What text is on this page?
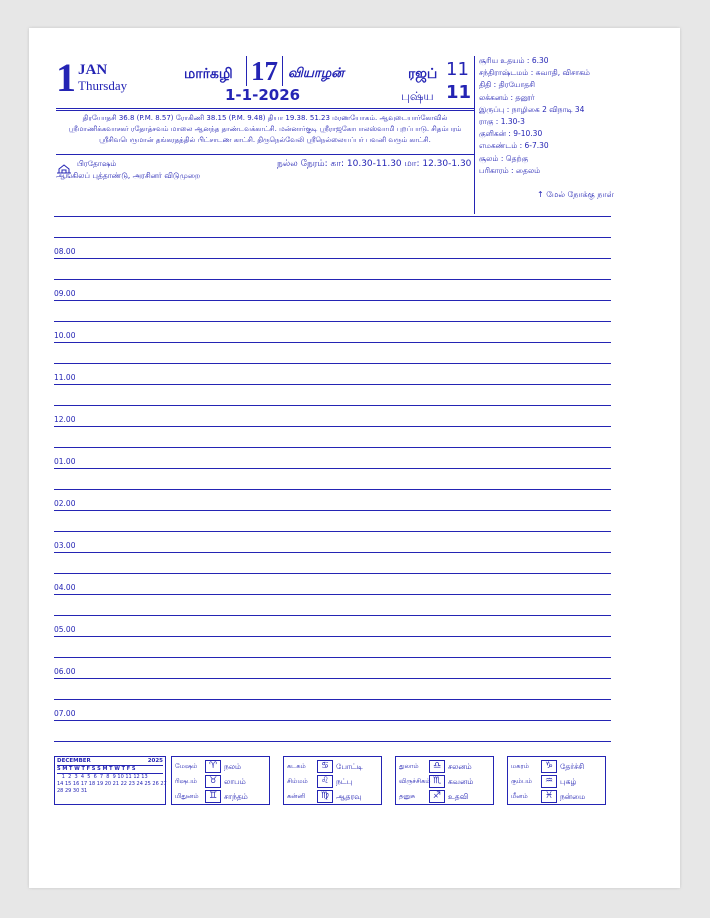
1 JAN
Thursday
மார்கழி 17 வியாழன்
1-1-2026
ரஜப் 11
புஷ்ய 11
திரயோதசி 36.8 (P.M. 8.57) ரோகிணி 38.15 (P.M. 9.48) தியா 19.38. 51.23 மரணயோகம். ஆவுடையார்கோவில்
ஸ்ரீமாணிக்கவாசகர் ரதோத்சவம் மாலை ஆனந்த தாண்டவக்காட்சி. மன்னார்குடி ஸ்ரீராஜகோபாலஸ்வாமி புறப்பாடு. சிதம்பரம்
ஸ்ரீசிவபெருமான் தங்கரதத்தில் பிட்சாடண காட்சி. திருநெல்வேலி ஸ்ரீநெல்லையப்பர் பவனி வரும் காட்சி.
பிரதோஷம்
ஆங்கிலப் புத்தாண்டு, அரசினர் விடுமுறை
நல்ல நேரம்: கா: 10.30-11.30 மா: 12.30-1.30
சூரிய உதயம் : 6.30
சந்திராஷ்டமம் : சுவாதி, விசாகம்
திதி : திரயோதசி
லக்கனம் : தனூர்
இருப்பு : நாழிகை 2 விநாடி 34
ராகு : 1.30-3
குளிகன் : 9-10.30
எமகண்டம் : 6-7.30
சூலம் : தெற்கு
பரிகாரம் : தைலம்
↑ மேல் நோக்கு நாள்
08.00
09.00
10.00
11.00
12.00
01.00
02.00
03.00
04.00
05.00
06.00
07.00
DECEMBER	2025
S M T W T F S S M T W T F S
1  2  3  4  5  6  7  8  9 10 11 12 13
14 15 16 17 18 19 20 21 22 23 24 25 26 27
28 29 30 31
மேஷம்	♈ நலம்
ரிஷபம்	♉ லாபம்
மிதுனம்	♊ சாந்தம்
கடகம்	♋ போட்டி
சிம்மம்	♌ நட்பு
கன்னி	♍ ஆதரவு
துலாம்	♎ சலனம்
விருச்சிகம் ♏ கவனம்
தனுசு	♐ உதவி
மகரம்	♑ தேர்ச்சி
கும்பம்	♒ புகழ்
மீனம்	♓ நன்மை
